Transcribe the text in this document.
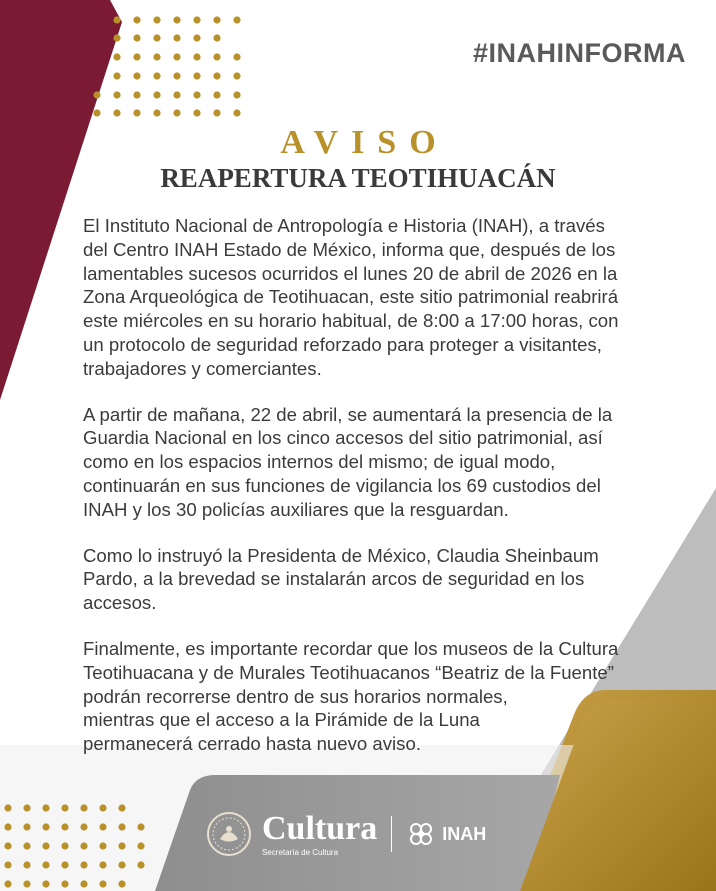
#INAHINFORMA
AVISO
REAPERTURA TEOTIHUACÁN

El Instituto Nacional de Antropología e Historia (INAH), a través
del Centro INAH Estado de México, informa que, después de los
lamentables sucesos ocurridos el lunes 20 de abril de 2026 en la
Zona Arqueológica de Teotihuacan, este sitio patrimonial reabrirá
este miércoles en su horario habitual, de 8:00 a 17:00 horas, con
un protocolo de seguridad reforzado para proteger a visitantes,
trabajadores y comerciantes.

A partir de mañana, 22 de abril, se aumentará la presencia de la
Guardia Nacional en los cinco accesos del sitio patrimonial, así
como en los espacios internos del mismo; de igual modo,
continuarán en sus funciones de vigilancia los 69 custodios del
INAH y los 30 policías auxiliares que la resguardan.

Como lo instruyó la Presidenta de México, Claudia Sheinbaum
Pardo, a la brevedad se instalarán arcos de seguridad en los
accesos.

Finalmente, es importante recordar que los museos de la Cultura
Teotihuacana y de Murales Teotihuacanos “Beatriz de la Fuente”
podrán recorrerse dentro de sus horarios normales,
mientras que el acceso a la Pirámide de la Luna
permanecerá cerrado hasta nuevo aviso.

Cultura
Secretaría de Cultura
INAH
